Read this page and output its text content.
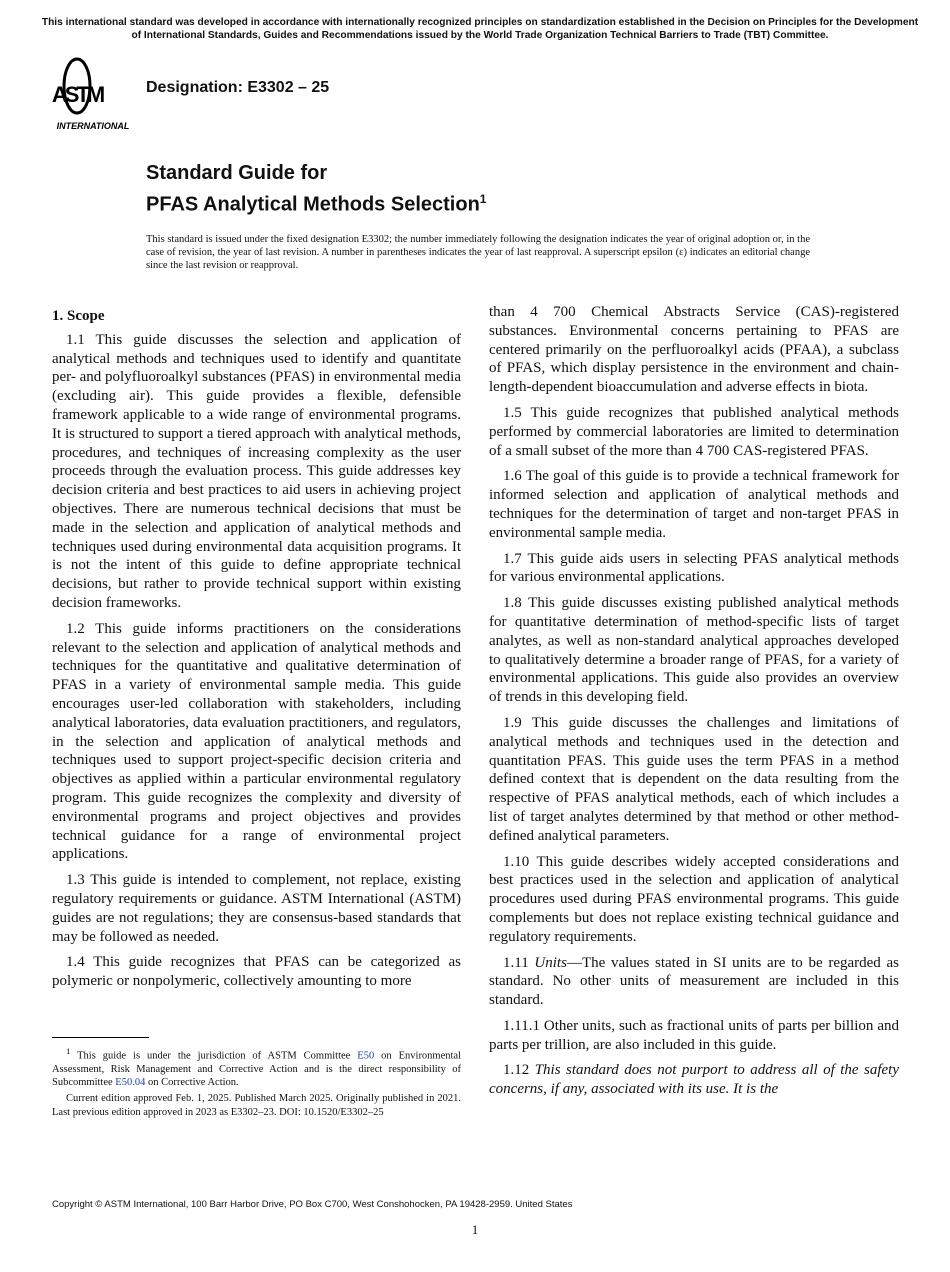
This international standard was developed in accordance with internationally recognized principles on standardization established in the Decision on Principles for the Development of International Standards, Guides and Recommendations issued by the World Trade Organization Technical Barriers to Trade (TBT) Committee.
ASTM
INTERNATIONAL
Designation: E3302 – 25
Standard Guide for
PFAS Analytical Methods Selection$^1$
This standard is issued under the fixed designation E3302; the number immediately following the designation indicates the year of original adoption or, in the case of revision, the year of last revision. A number in parentheses indicates the year of last reapproval. A superscript epsilon (ε) indicates an editorial change since the last revision or reapproval.
1. Scope

1.1 This guide discusses the selection and application of analytical methods and techniques used to identify and quantitate per- and polyfluoroalkyl substances (PFAS) in environmental media (excluding air). This guide provides a flexible, defensible framework applicable to a wide range of environmental programs. It is structured to support a tiered approach with analytical methods, procedures, and techniques of increasing complexity as the user proceeds through the evaluation process. This guide addresses key decision criteria and best practices to aid users in achieving project objectives. There are numerous technical decisions that must be made in the selection and application of analytical methods and techniques used during environmental data acquisition programs. It is not the intent of this guide to define appropriate technical decisions, but rather to provide technical support within existing decision frameworks.

1.2 This guide informs practitioners on the considerations relevant to the selection and application of analytical methods and techniques for the quantitative and qualitative determination of PFAS in a variety of environmental sample media. This guide encourages user-led collaboration with stakeholders, including analytical laboratories, data evaluation practitioners, and regulators, in the selection and application of analytical methods and techniques used to support project-specific decision criteria and objectives as applied within a particular environmental regulatory program. This guide recognizes the complexity and diversity of environmental programs and project objectives and provides technical guidance for a range of environmental project applications.

1.3 This guide is intended to complement, not replace, existing regulatory requirements or guidance. ASTM International (ASTM) guides are not regulations; they are consensus-based standards that may be followed as needed.

1.4 This guide recognizes that PFAS can be categorized as polymeric or nonpolymeric, collectively amounting to more

than 4 700 Chemical Abstracts Service (CAS)-registered substances. Environmental concerns pertaining to PFAS are centered primarily on the perfluoroalkyl acids (PFAA), a subclass of PFAS, which display persistence in the environment and chain-length-dependent bioaccumulation and adverse effects in biota.

1.5 This guide recognizes that published analytical methods performed by commercial laboratories are limited to determination of a small subset of the more than 4 700 CAS-registered PFAS.

1.6 The goal of this guide is to provide a technical framework for informed selection and application of analytical methods and techniques for the determination of target and non-target PFAS in environmental sample media.

1.7 This guide aids users in selecting PFAS analytical methods for various environmental applications.

1.8 This guide discusses existing published analytical methods for quantitative determination of method-specific lists of target analytes, as well as non-standard analytical approaches developed to qualitatively determine a broader range of PFAS, for a variety of environmental applications. This guide also provides an overview of trends in this developing field.

1.9 This guide discusses the challenges and limitations of analytical methods and techniques used in the detection and quantitation PFAS. This guide uses the term PFAS in a method defined context that is dependent on the data resulting from the respective of PFAS analytical methods, each of which includes a list of target analytes determined by that method or other method-defined analytical parameters.

1.10 This guide describes widely accepted considerations and best practices used in the selection and application of analytical procedures used during PFAS environmental programs. This guide complements but does not replace existing technical guidance and regulatory requirements.

1.11 Units—The values stated in SI units are to be regarded as standard. No other units of measurement are included in this standard.

1.11.1 Other units, such as fractional units of parts per billion and parts per trillion, are also included in this guide.

1.12 This standard does not purport to address all of the safety concerns, if any, associated with its use. It is the

$^1$ This guide is under the jurisdiction of ASTM Committee E50 on Environmental Assessment, Risk Management and Corrective Action and is the direct responsibility of Subcommittee E50.04 on Corrective Action.

Current edition approved Feb. 1, 2025. Published March 2025. Originally published in 2021. Last previous edition approved in 2023 as E3302–23. DOI: 10.1520/E3302–25

Copyright © ASTM International, 100 Barr Harbor Drive, PO Box C700, West Conshohocken, PA 19428-2959. United States
1
